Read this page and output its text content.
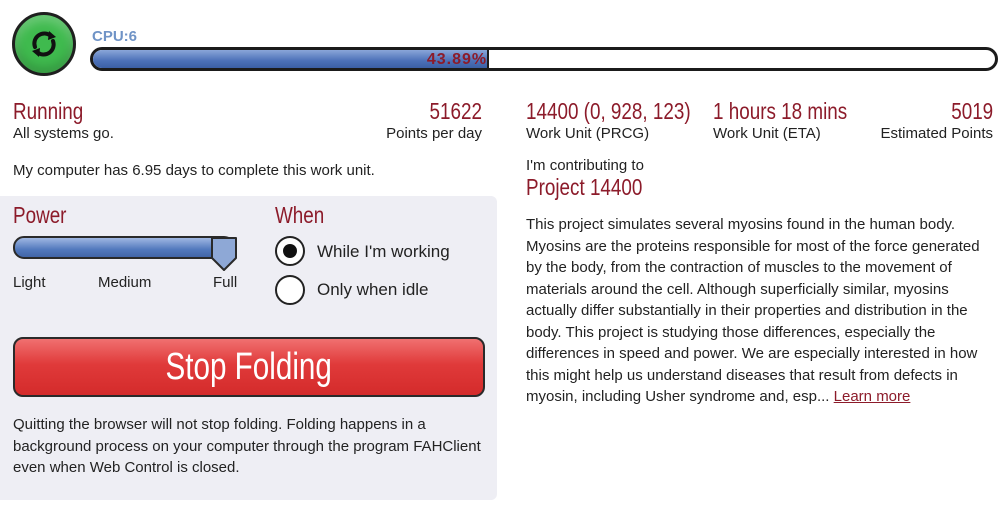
CPU:6
43.89%
Running
All systems go.
51622
Points per day
14400 (0, 928, 123)
Work Unit (PRCG)
1 hours 18 mins
Work Unit (ETA)
5019
Estimated Points
My computer has 6.95 days to complete this work unit.	I'm contributing to
Project 14400
Power
Light	Medium	Full
When
While I'm working
Only when idle
Stop Folding
Quitting the browser will not stop folding. Folding happens in a background process on your computer through the program FAHClient even when Web Control is closed.
This project simulates several myosins found in the human body. Myosins are the proteins responsible for most of the force generated by the body, from the contraction of muscles to the movement of materials around the cell. Although superficially similar, myosins actually differ substantially in their properties and distribution in the body. This project is studying those differences, especially the differences in speed and power. We are especially interested in how this might help us understand diseases that result from defects in myosin, including Usher syndrome and, esp... Learn more
